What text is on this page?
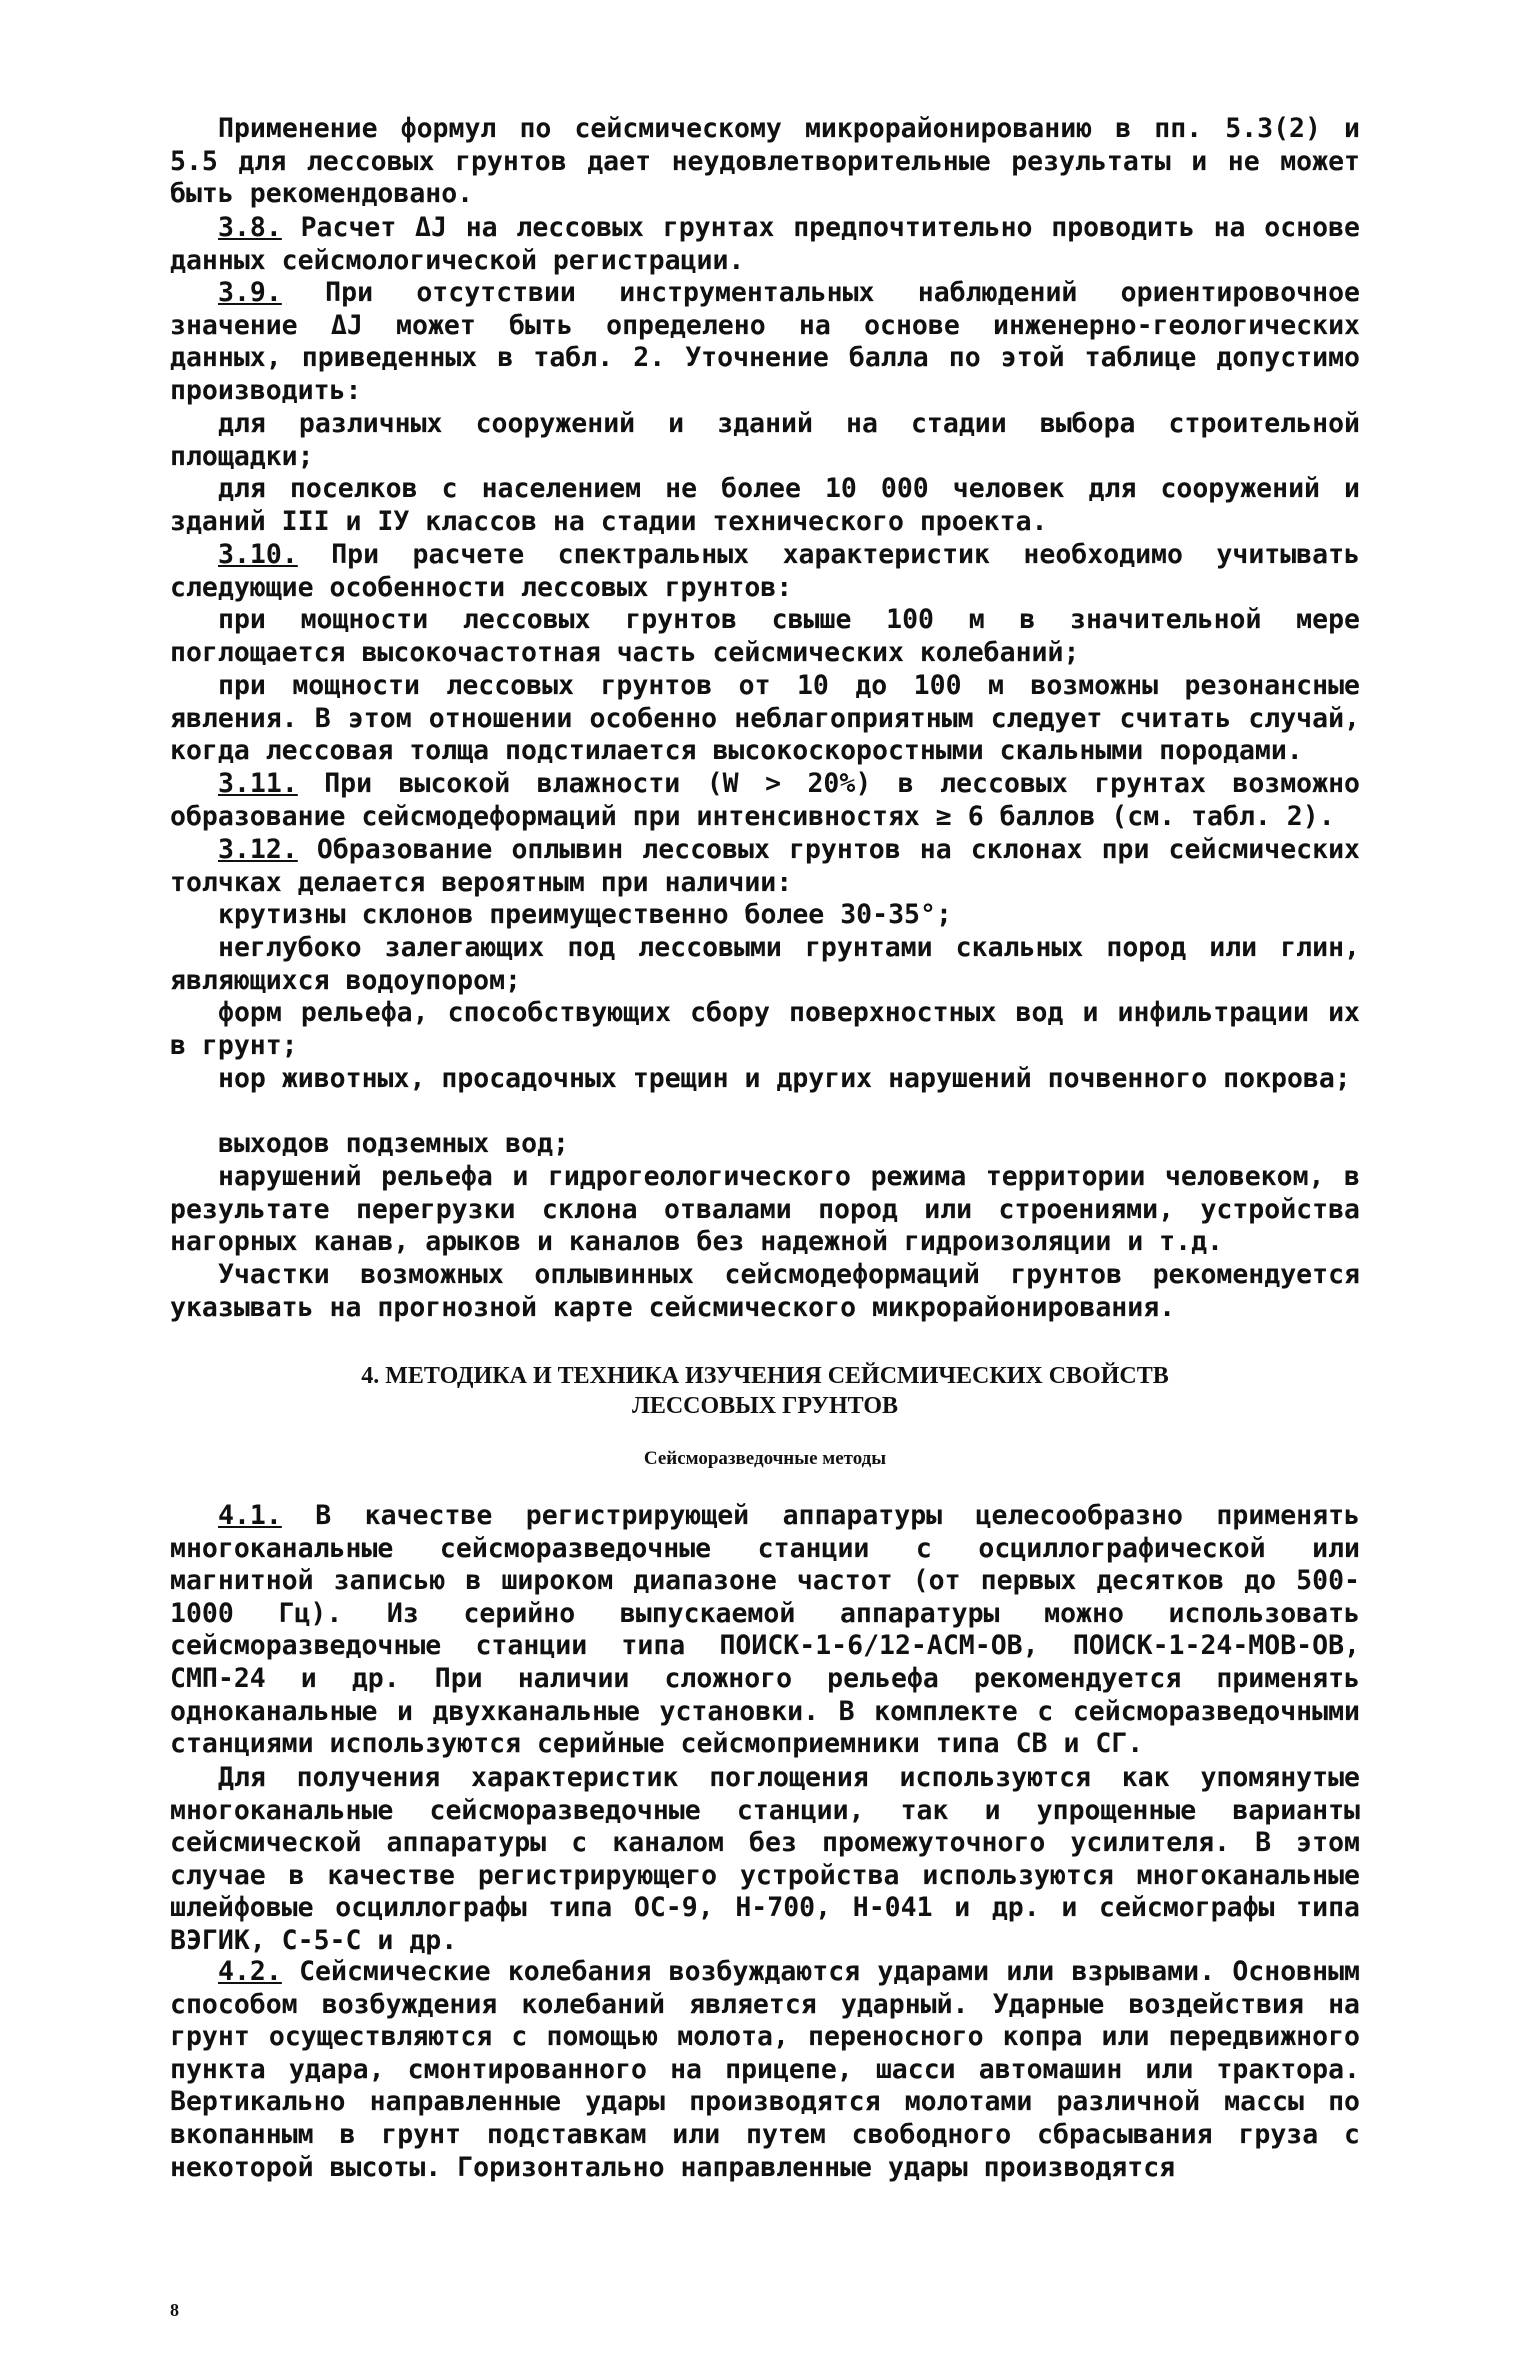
Применение формул по сейсмическому микрорайонированию в пп. 5.3(2) и 5.5 для лессовых грунтов дает неудовлетворительные результаты и не может быть рекомендовано.
3.8. Расчет ΔJ на лессовых грунтах предпочтительно проводить на основе данных сейсмологической регистрации.
3.9. При отсутствии инструментальных наблюдений ориентировочное значение ΔJ может быть определено на основе инженерно-геологических данных, приведенных в табл. 2. Уточнение балла по этой таблице допустимо производить:
для различных сооружений и зданий на стадии выбора строительной площадки;
для поселков с населением не более 10 000 человек для сооружений и зданий III и IУ классов на стадии технического проекта.
3.10. При расчете спектральных характеристик необходимо учитывать следующие особенности лессовых грунтов:
при мощности лессовых грунтов свыше 100 м в значительной мере поглощается высокочастотная часть сейсмических колебаний;
при мощности лессовых грунтов от 10 до 100 м возможны резонансные явления. В этом отношении особенно неблагоприятным следует считать случай, когда лессовая толща подстилается высокоскоростными скальными породами.
3.11. При высокой влажности (W > 20%) в лессовых грунтах возможно образование сейсмодеформаций при интенсивностях ≥ 6 баллов (см. табл. 2).
3.12. Образование оплывин лессовых грунтов на склонах при сейсмических толчках делается вероятным при наличии:
крутизны склонов преимущественно более 30-35°;
неглубоко залегающих под лессовыми грунтами скальных пород или глин, являющихся водоупором;
форм рельефа, способствующих сбору поверхностных вод и инфильтрации их в грунт;
нор животных, просадочных трещин и других нарушений почвенного покрова;
выходов подземных вод;
нарушений рельефа и гидрогеологического режима территории человеком, в результате перегрузки склона отвалами пород или строениями, устройства нагорных канав, арыков и каналов без надежной гидроизоляции и т.д.
Участки возможных оплывинных сейсмодеформаций грунтов рекомендуется указывать на прогнозной карте сейсмического микрорайонирования.
4. МЕТОДИКА И ТЕХНИКА ИЗУЧЕНИЯ СЕЙСМИЧЕСКИХ СВОЙСТВ
ЛЕССОВЫХ ГРУНТОВ
Сейсморазведочные методы
4.1. В качестве регистрирующей аппаратуры целесообразно применять многоканальные сейсморазведочные станции с осциллографической или магнитной записью в широком диапазоне частот (от первых десятков до 500-1000 Гц). Из серийно выпускаемой аппаратуры можно использовать сейсморазведочные станции типа ПОИСК-1-6/12-АСМ-ОВ, ПОИСК-1-24-МОВ-ОВ, СМП-24 и др. При наличии сложного рельефа рекомендуется применять одноканальные и двухканальные установки. В комплекте с сейсморазведочными станциями используются серийные сейсмоприемники типа СВ и СГ.
Для получения характеристик поглощения используются как упомянутые многоканальные сейсморазведочные станции, так и упрощенные варианты сейсмической аппаратуры с каналом без промежуточного усилителя. В этом случае в качестве регистрирующего устройства используются многоканальные шлейфовые осциллографы типа ОС-9, Н-700, Н-041 и др. и сейсмографы типа ВЭГИК, С-5-С и др.
4.2. Сейсмические колебания возбуждаются ударами или взрывами. Основным способом возбуждения колебаний является ударный. Ударные воздействия на грунт осуществляются с помощью молота, переносного копра или передвижного пункта удара, смонтированного на прицепе, шасси автомашин или трактора. Вертикально направленные удары производятся молотами различной массы по вкопанным в грунт подставкам или путем свободного сбрасывания груза с некоторой высоты. Горизонтально направленные удары производятся
8
